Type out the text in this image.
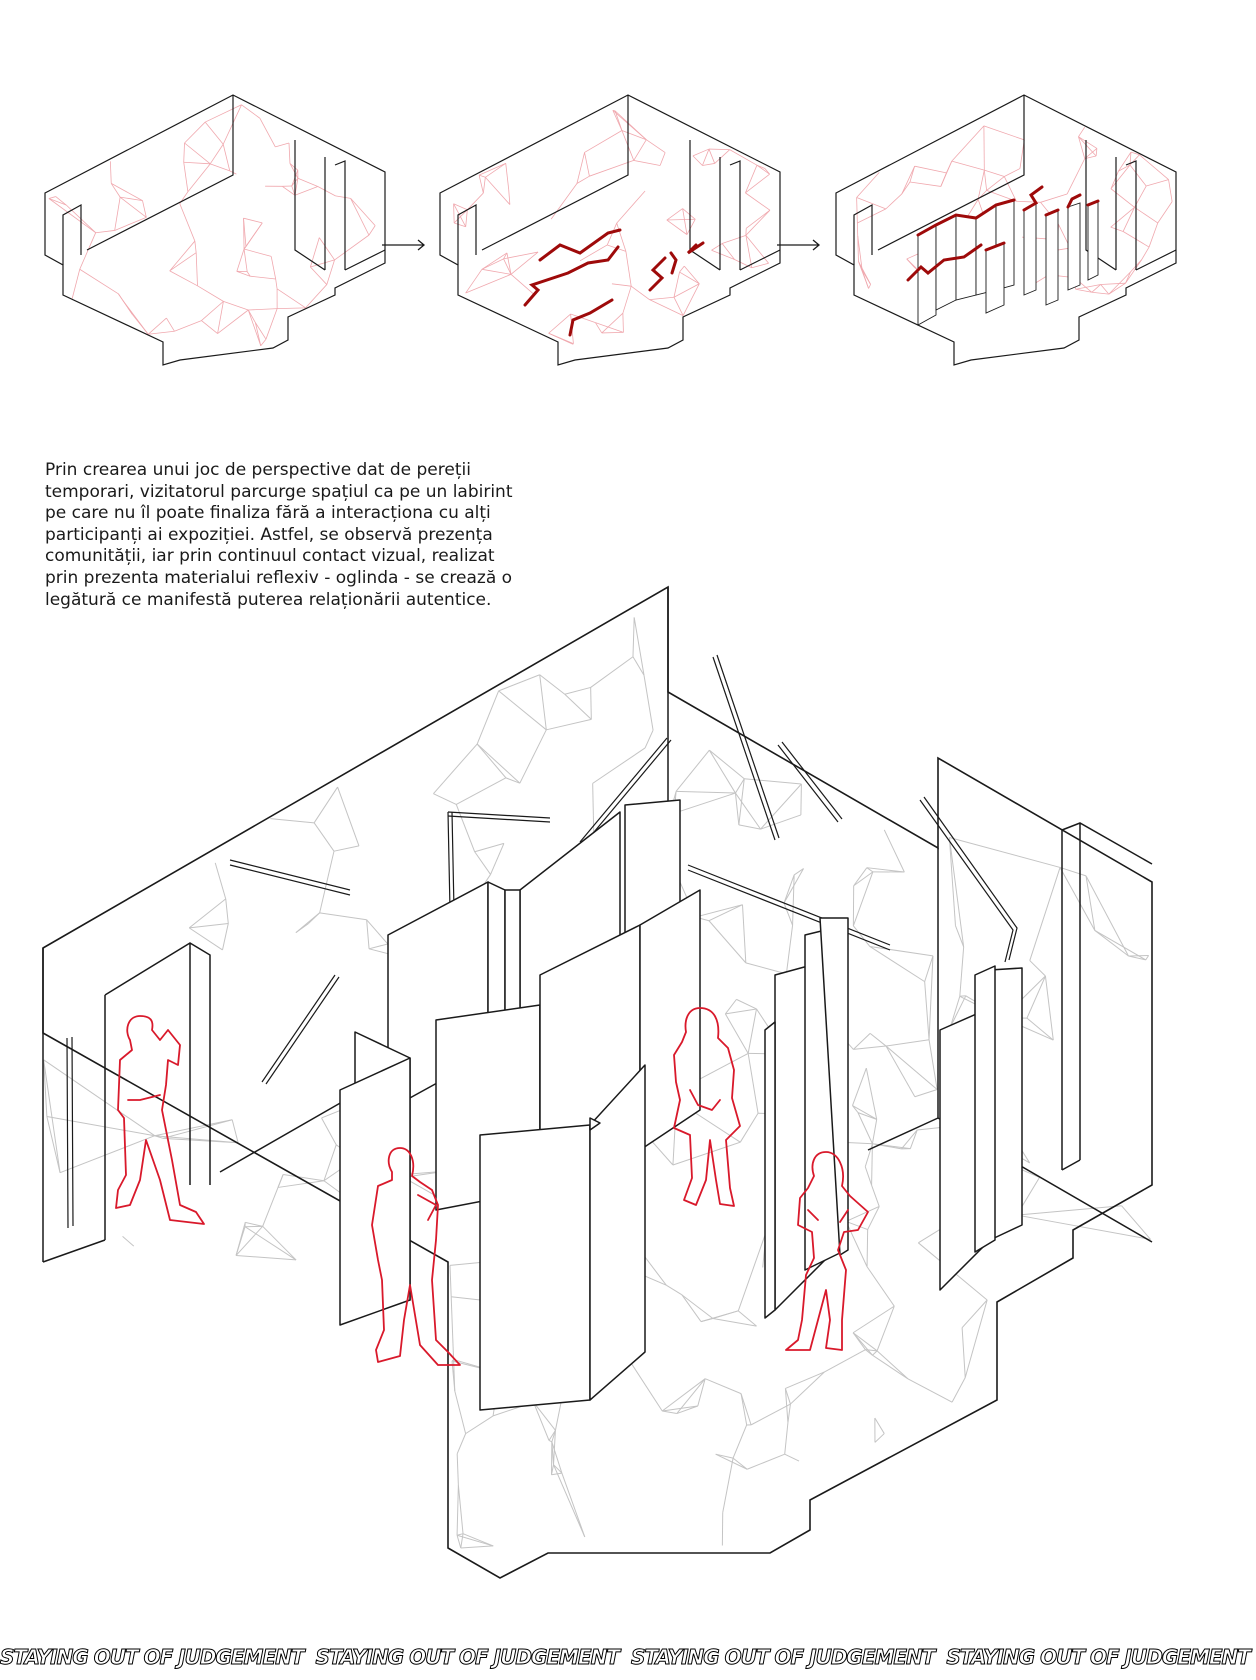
Prin crearea unui joc de perspective dat de pereții
temporari, vizitatorul parcurge spațiul ca pe un labirint
pe care nu îl poate finaliza fără a interacționa cu alți
participanți ai expoziției. Astfel, se observă prezența
comunității, iar prin continuul contact vizual, realizat
prin prezenta materialui reflexiv - oglinda - se crează o
legătură ce manifestă puterea relaționării autentice.
STAYING OUT OF JUDGEMENT STAYING OUT OF JUDGEMENT STAYING OUT OF JUDGEMENT STAYING OUT OF JUDGEMENT
